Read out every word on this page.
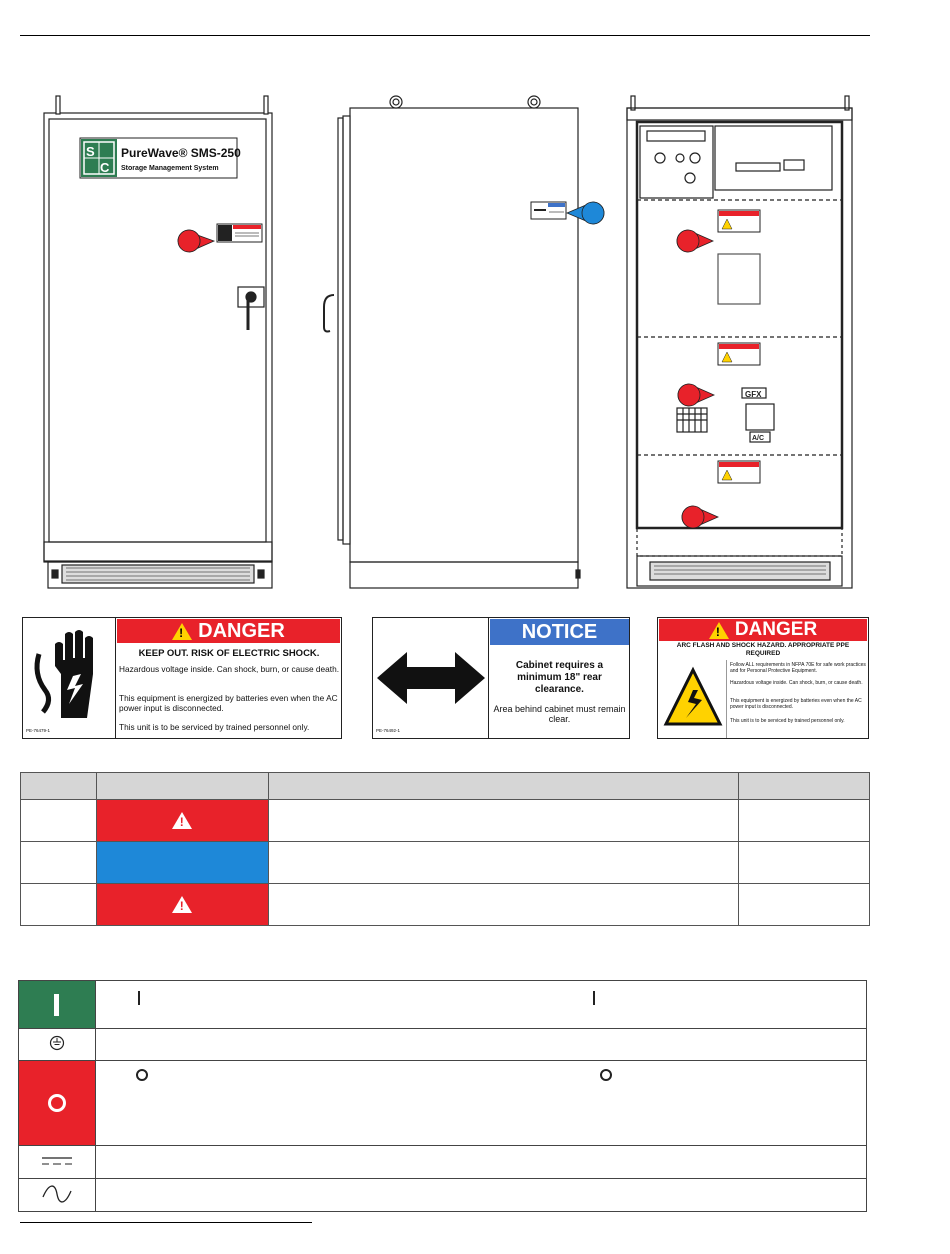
S
C
PureWave® SMS-250
Storage Management System
GFX
A/C
!
DANGER
KEEP OUT. RISK OF ELECTRIC SHOCK.
Hazardous voltage inside. Can shock, burn, or cause death.
This equipment is energized by batteries even when the AC power input is disconnected.
This unit is to be serviced by trained personnel only.
PE-76479-1
NOTICE
Cabinet requires a minimum 18" rear clearance.
Area behind cabinet must remain clear.
PE-76492-1
!
DANGER
ARC FLASH AND SHOCK HAZARD. APPROPRIATE PPE REQUIRED
Follow ALL requirements in NFPA 70E for safe work practices and for Personal Protective Equipment.
Hazardous voltage inside. Can shock, burn, or cause death.
This equipment is energized by batteries even when the AC power input is disconnected.
This unit is to be serviced by trained personnel only.

!

!
